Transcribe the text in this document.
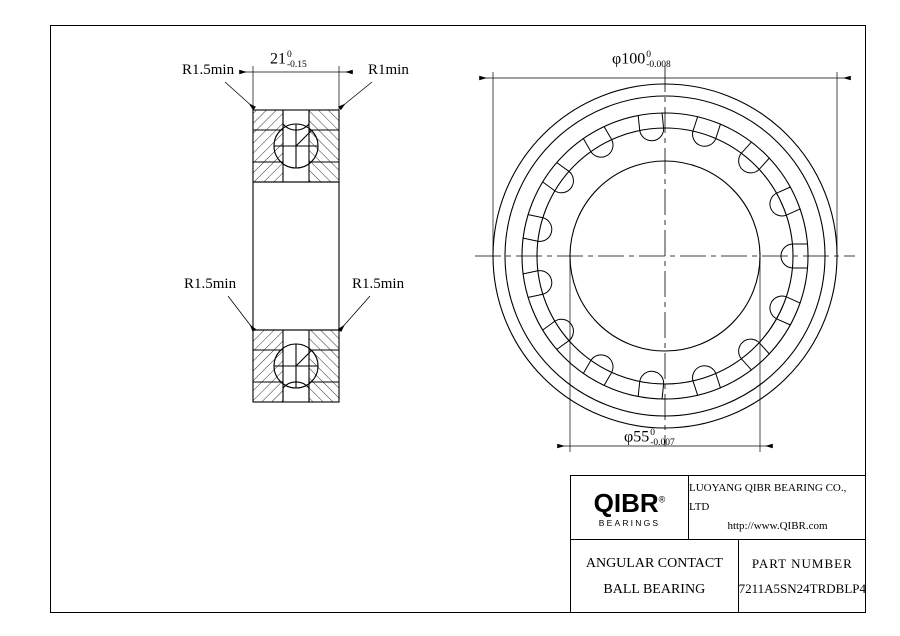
R1.5min
21 0
-0.15	R1min
R1.5min	R1.5min
φ100 0
-0.008
φ55 0
-0.007
QIBR®
BEARINGS
LUOYANG QIBR BEARING CO., LTD
http://www.QIBR.com
ANGULAR CONTACT
BALL BEARING
PART NUMBER
7211A5SN24TRDBLP4
